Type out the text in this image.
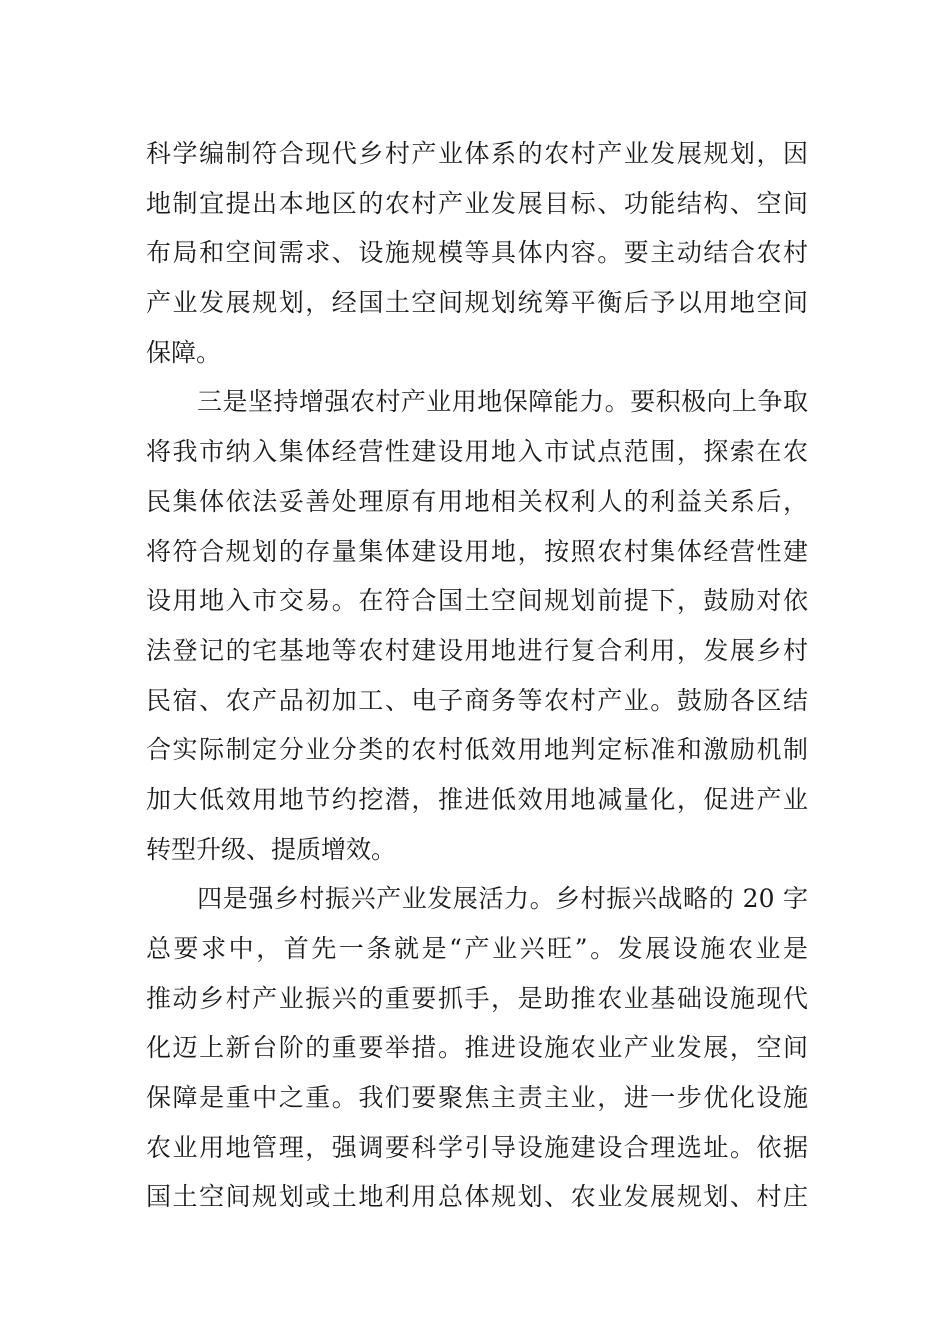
科学编制符合现代乡村产业体系的农村产业发展规划，因
地制宜提出本地区的农村产业发展目标、功能结构、空间
布局和空间需求、设施规模等具体内容。要主动结合农村
产业发展规划，经国土空间规划统筹平衡后予以用地空间
保障。
　　三是坚持增强农村产业用地保障能力。要积极向上争取
将我市纳入集体经营性建设用地入市试点范围，探索在农
民集体依法妥善处理原有用地相关权利人的利益关系后，
将符合规划的存量集体建设用地，按照农村集体经营性建
设用地入市交易。在符合国土空间规划前提下，鼓励对依
法登记的宅基地等农村建设用地进行复合利用，发展乡村
民宿、农产品初加工、电子商务等农村产业。鼓励各区结
合实际制定分业分类的农村低效用地判定标准和激励机制
加大低效用地节约挖潜，推进低效用地减量化，促进产业
转型升级、提质增效。
　　四是强乡村振兴产业发展活力。乡村振兴战略的 20 字
总要求中，首先一条就是“产业兴旺”。发展设施农业是
推动乡村产业振兴的重要抓手，是助推农业基础设施现代
化迈上新台阶的重要举措。推进设施农业产业发展，空间
保障是重中之重。我们要聚焦主责主业，进一步优化设施
农业用地管理，强调要科学引导设施建设合理选址。依据
国土空间规划或土地利用总体规划、农业发展规划、村庄
